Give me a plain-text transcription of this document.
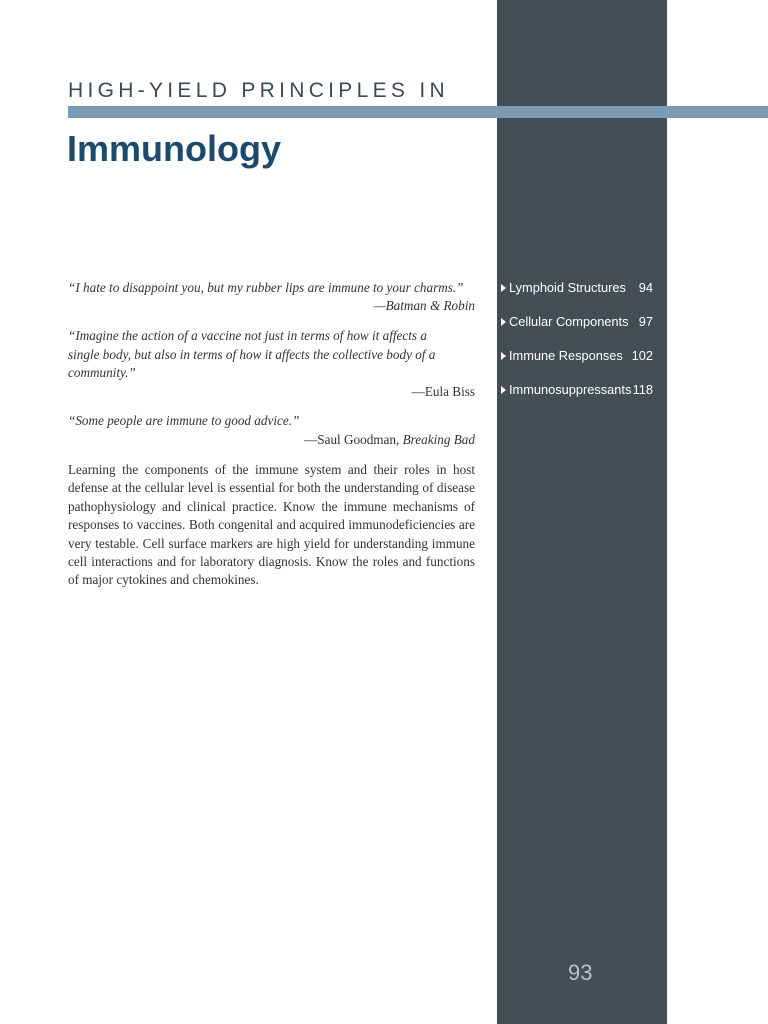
HIGH-YIELD PRINCIPLES IN
Immunology
“I hate to disappoint you, but my rubber lips are immune to your charms.”
—Batman & Robin
“Imagine the action of a vaccine not just in terms of how it affects a single body, but also in terms of how it affects the collective body of a community.”
—Eula Biss
“Some people are immune to good advice.”
—Saul Goodman, Breaking Bad
Learning the components of the immune system and their roles in host defense at the cellular level is essential for both the understanding of disease pathophysiology and clinical practice. Know the immune mechanisms of responses to vaccines. Both congenital and acquired immunodeficiencies are very testable. Cell surface markers are high yield for understanding immune cell interactions and for laboratory diagnosis. Know the roles and functions of major cytokines and chemokines.
Lymphoid Structures 94
Cellular Components 97
Immune Responses 102
Immunosuppressants 118
93
